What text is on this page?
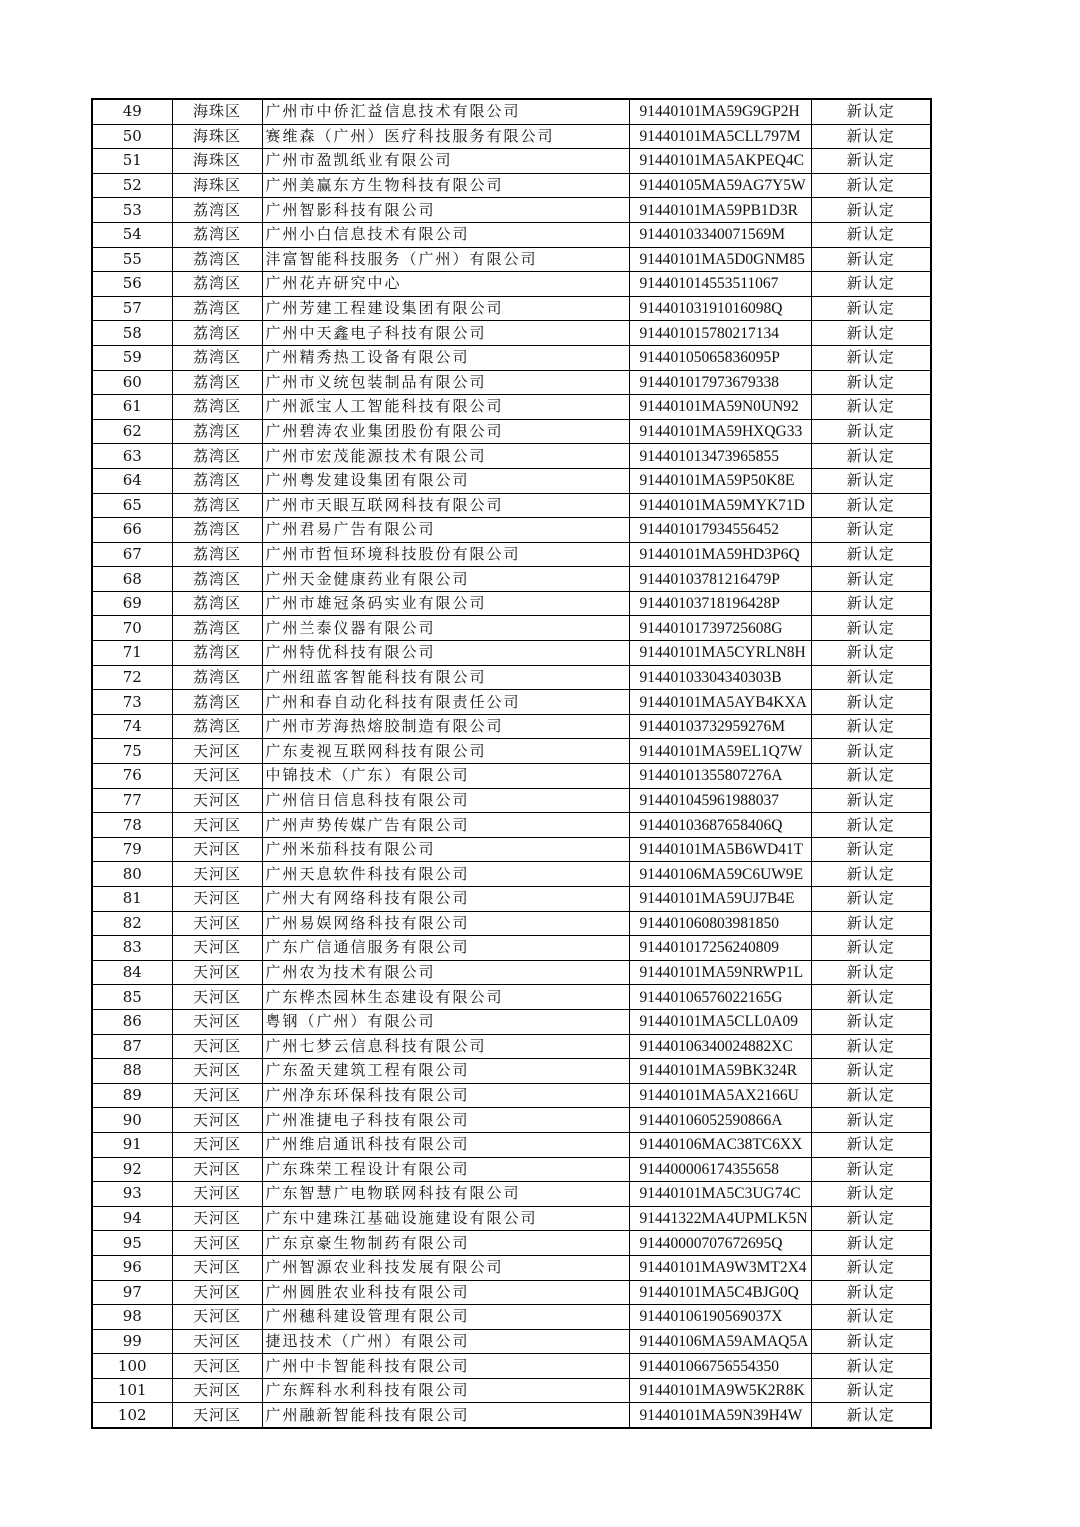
49	海珠区	广州市中侨汇益信息技术有限公司	91440101MA59G9GP2H	新认定
50	海珠区	赛维森（广州）医疗科技服务有限公司	91440101MA5CLL797M	新认定
51	海珠区	广州市盈凯纸业有限公司	91440101MA5AKPEQ4C	新认定
52	海珠区	广州美赢东方生物科技有限公司	91440105MA59AG7Y5W	新认定
53	荔湾区	广州智影科技有限公司	91440101MA59PB1D3R	新认定
54	荔湾区	广州小白信息技术有限公司	91440103340071569M	新认定
55	荔湾区	沣富智能科技服务（广州）有限公司	91440101MA5D0GNM85	新认定
56	荔湾区	广州花卉研究中心	914401014553511067	新认定
57	荔湾区	广州芳建工程建设集团有限公司	91440103191016098Q	新认定
58	荔湾区	广州中天鑫电子科技有限公司	914401015780217134	新认定
59	荔湾区	广州精秀热工设备有限公司	91440105065836095P	新认定
60	荔湾区	广州市义统包装制品有限公司	914401017973679338	新认定
61	荔湾区	广州派宝人工智能科技有限公司	91440101MA59N0UN92	新认定
62	荔湾区	广州碧涛农业集团股份有限公司	91440101MA59HXQG33	新认定
63	荔湾区	广州市宏茂能源技术有限公司	914401013473965855	新认定
64	荔湾区	广州粤发建设集团有限公司	91440101MA59P50K8E	新认定
65	荔湾区	广州市天眼互联网科技有限公司	91440101MA59MYK71D	新认定
66	荔湾区	广州君易广告有限公司	914401017934556452	新认定
67	荔湾区	广州市哲恒环境科技股份有限公司	91440101MA59HD3P6Q	新认定
68	荔湾区	广州天金健康药业有限公司	91440103781216479P	新认定
69	荔湾区	广州市雄冠条码实业有限公司	91440103718196428P	新认定
70	荔湾区	广州兰泰仪器有限公司	91440101739725608G	新认定
71	荔湾区	广州特优科技有限公司	91440101MA5CYRLN8H	新认定
72	荔湾区	广州纽蓝客智能科技有限公司	91440103304340303B	新认定
73	荔湾区	广州和春自动化科技有限责任公司	91440101MA5AYB4KXA	新认定
74	荔湾区	广州市芳海热熔胶制造有限公司	91440103732959276M	新认定
75	天河区	广东麦视互联网科技有限公司	91440101MA59EL1Q7W	新认定
76	天河区	中锦技术（广东）有限公司	91440101355807276A	新认定
77	天河区	广州信日信息科技有限公司	914401045961988037	新认定
78	天河区	广州声势传媒广告有限公司	91440103687658406Q	新认定
79	天河区	广州米茄科技有限公司	91440101MA5B6WD41T	新认定
80	天河区	广州天息软件科技有限公司	91440106MA59C6UW9E	新认定
81	天河区	广州大有网络科技有限公司	91440101MA59UJ7B4E	新认定
82	天河区	广州易娱网络科技有限公司	914401060803981850	新认定
83	天河区	广东广信通信服务有限公司	914401017256240809	新认定
84	天河区	广州农为技术有限公司	91440101MA59NRWP1L	新认定
85	天河区	广东桦杰园林生态建设有限公司	91440106576022165G	新认定
86	天河区	粤钢（广州）有限公司	91440101MA5CLL0A09	新认定
87	天河区	广州七梦云信息科技有限公司	91440106340024882XC	新认定
88	天河区	广东盈天建筑工程有限公司	91440101MA59BK324R	新认定
89	天河区	广州净东环保科技有限公司	91440101MA5AX2166U	新认定
90	天河区	广州准捷电子科技有限公司	91440106052590866A	新认定
91	天河区	广州维启通讯科技有限公司	91440106MAC38TC6XX	新认定
92	天河区	广东珠荣工程设计有限公司	914400006174355658	新认定
93	天河区	广东智慧广电物联网科技有限公司	91440101MA5C3UG74C	新认定
94	天河区	广东中建珠江基础设施建设有限公司	91441322MA4UPMLK5N	新认定
95	天河区	广东京豪生物制药有限公司	91440000707672695Q	新认定
96	天河区	广州智源农业科技发展有限公司	91440101MA9W3MT2X4	新认定
97	天河区	广州圆胜农业科技有限公司	91440101MA5C4BJG0Q	新认定
98	天河区	广州穗科建设管理有限公司	91440106190569037X	新认定
99	天河区	捷迅技术（广州）有限公司	91440106MA59AMAQ5A	新认定
100	天河区	广州中卡智能科技有限公司	914401066756554350	新认定
101	天河区	广东辉科水利科技有限公司	91440101MA9W5K2R8K	新认定
102	天河区	广州融新智能科技有限公司	91440101MA59N39H4W	新认定
